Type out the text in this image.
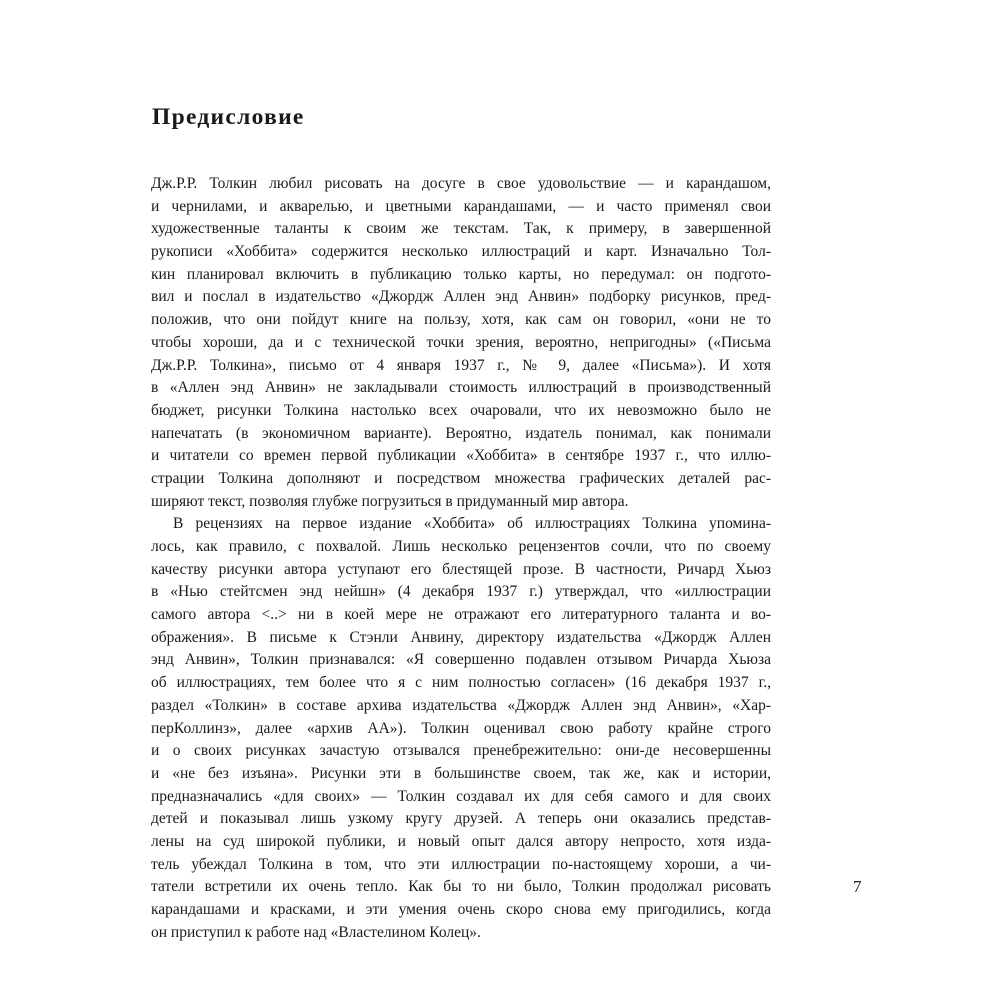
Предисловие
Дж.Р.Р. Толкин любил рисовать на досуге в свое удовольствие — и карандашом,
и чернилами, и акварелью, и цветными карандашами, — и часто применял свои
художественные таланты к своим же текстам. Так, к примеру, в завершенной
рукописи «Хоббита» содержится несколько иллюстраций и карт. Изначально Тол-
кин планировал включить в публикацию только карты, но передумал: он подгото-
вил и послал в издательство «Джордж Аллен энд Анвин» подборку рисунков, пред-
положив, что они пойдут книге на пользу, хотя, как сам он говорил, «они не то
чтобы хороши, да и с технической точки зрения, вероятно, непригодны» («Письма
Дж.Р.Р. Толкина», письмо от 4 января 1937 г., № 9, далее «Письма»). И хотя
в «Аллен энд Анвин» не закладывали стоимость иллюстраций в производственный
бюджет, рисунки Толкина настолько всех очаровали, что их невозможно было не
напечатать (в экономичном варианте). Вероятно, издатель понимал, как понимали
и читатели со времен первой публикации «Хоббита» в сентябре 1937 г., что иллю-
страции Толкина дополняют и посредством множества графических деталей рас-
ширяют текст, позволяя глубже погрузиться в придуманный мир автора.
В рецензиях на первое издание «Хоббита» об иллюстрациях Толкина упомина-
лось, как правило, с похвалой. Лишь несколько рецензентов сочли, что по своему
качеству рисунки автора уступают его блестящей прозе. В частности, Ричард Хьюз
в «Нью стейтсмен энд нейшн» (4 декабря 1937 г.) утверждал, что «иллюстрации
самого автора <..> ни в коей мере не отражают его литературного таланта и во-
ображения». В письме к Стэнли Анвину, директору издательства «Джордж Аллен
энд Анвин», Толкин признавался: «Я совершенно подавлен отзывом Ричарда Хьюза
об иллюстрациях, тем более что я с ним полностью согласен» (16 декабря 1937 г.,
раздел «Толкин» в составе архива издательства «Джордж Аллен энд Анвин», «Хар-
перКоллинз», далее «архив АА»). Толкин оценивал свою работу крайне строго
и о своих рисунках зачастую отзывался пренебрежительно: они-де несовершенны
и «не без изъяна». Рисунки эти в большинстве своем, так же, как и истории,
предназначались «для своих» — Толкин создавал их для себя самого и для своих
детей и показывал лишь узкому кругу друзей. А теперь они оказались представ-
лены на суд широкой публики, и новый опыт дался автору непросто, хотя изда-
тель убеждал Толкина в том, что эти иллюстрации по-настоящему хороши, а чи-
татели встретили их очень тепло. Как бы то ни было, Толкин продолжал рисовать
карандашами и красками, и эти умения очень скоро снова ему пригодились, когда
он приступил к работе над «Властелином Колец».
7
